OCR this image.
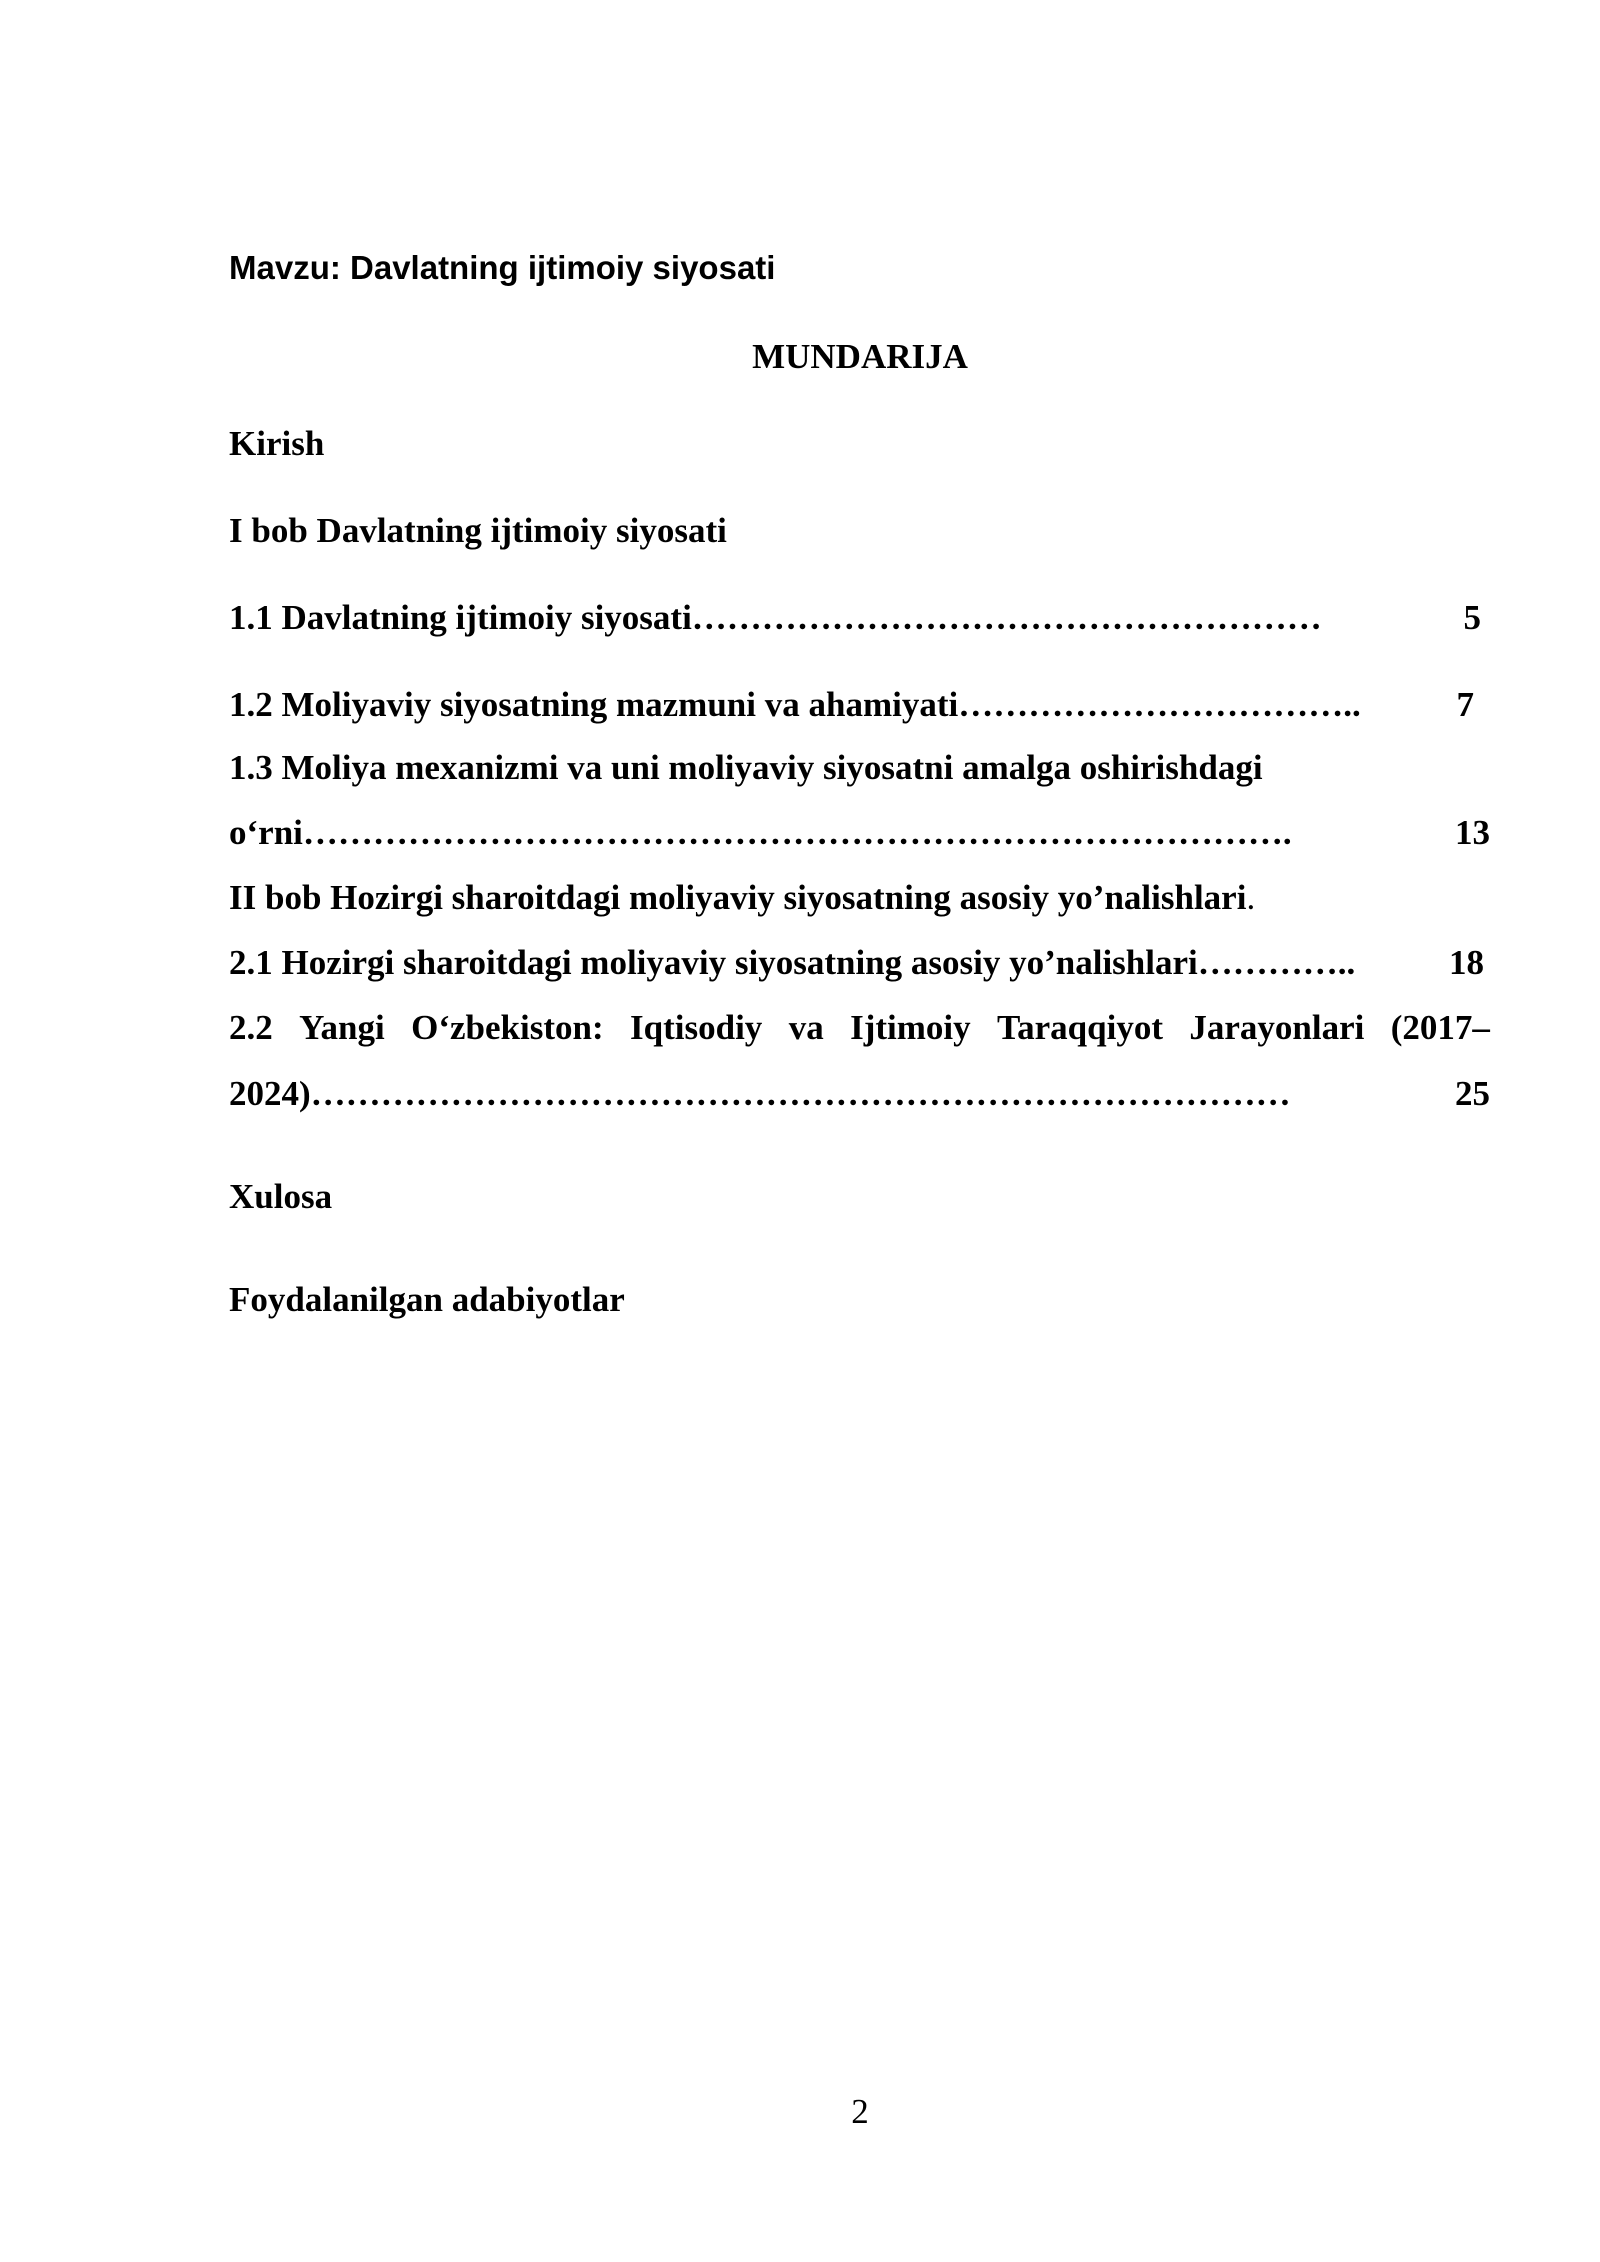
Mavzu: Davlatning ijtimoiy siyosati
MUNDARIJA
Kirish
I bob Davlatning ijtimoiy siyosati
1.1 Davlatning ijtimoiy siyosati ………………………………………………	5
1.2 Moliyaviy siyosatning mazmuni va ahamiyati ……………………………..	7
1.3 Moliya mexanizmi va uni moliyaviy siyosatni amalga oshirishdagi
o‘rni ………………………………………………………………………….	13
II bob Hozirgi sharoitdagi moliyaviy siyosatning asosiy yo’nalishlari.
2.1 Hozirgi sharoitdagi moliyaviy siyosatning asosiy yo’nalishlari …………..	18
2.2 Yangi O‘zbekiston: Iqtisodiy va Ijtimoiy Taraqqiyot Jarayonlari (2017–
2024) …………………………………………………………………………	25
Xulosa
Foydalanilgan adabiyotlar
2
